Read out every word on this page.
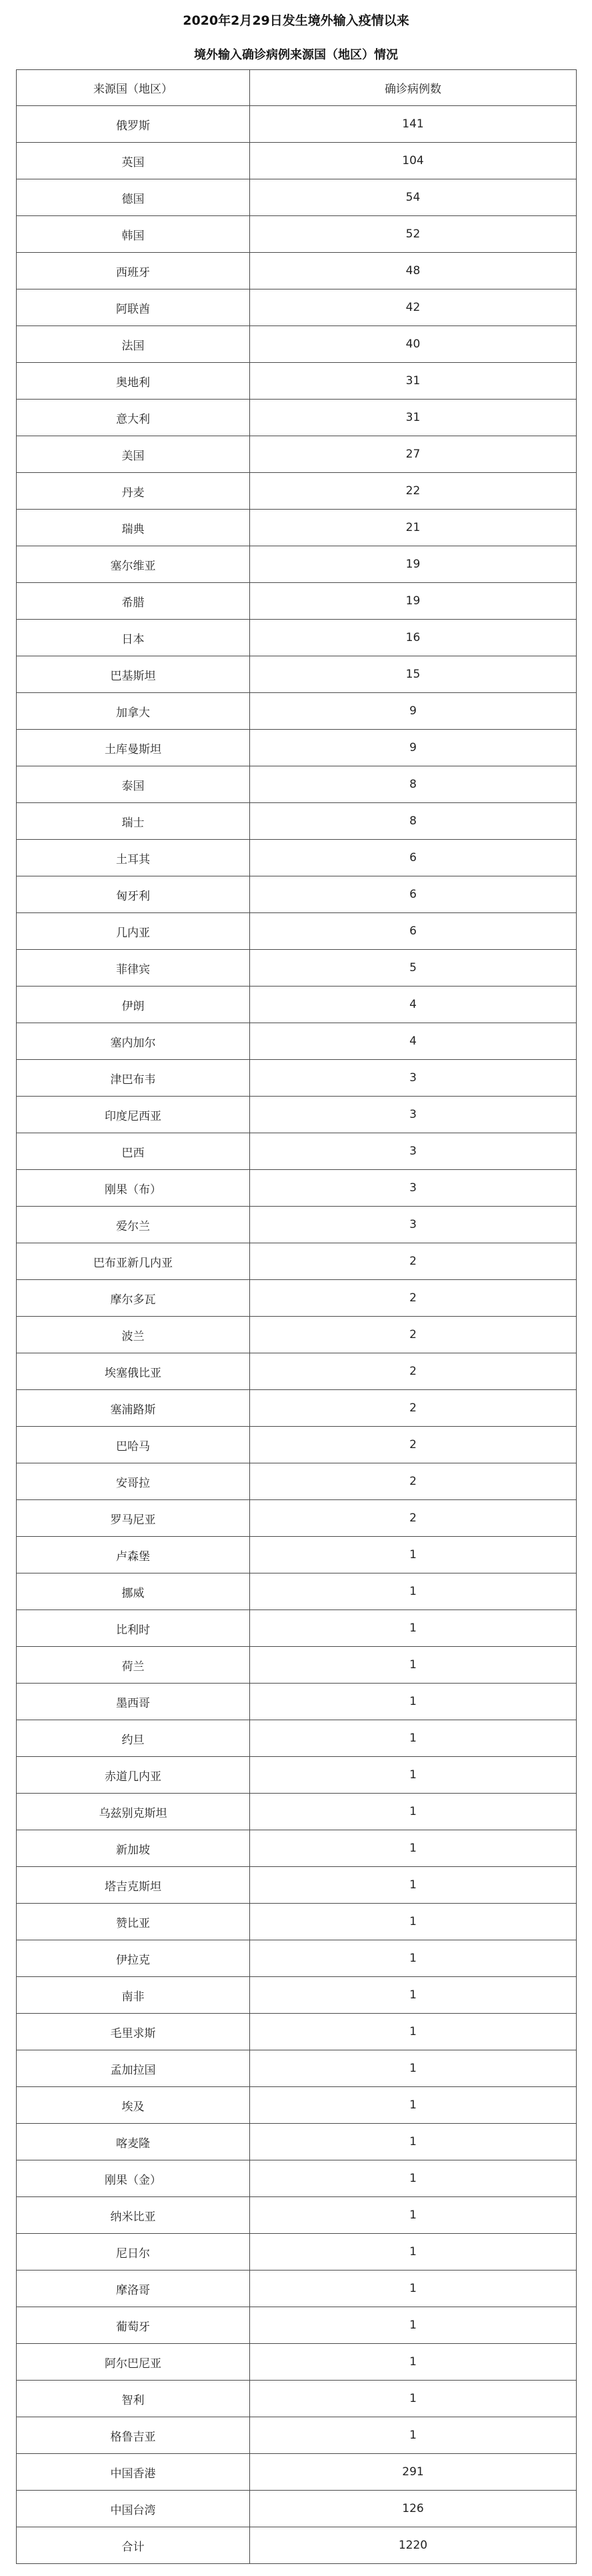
2020年2月29日发生境外输入疫情以来
境外输入确诊病例来源国（地区）情况
来源国（地区）	确诊病例数
俄罗斯	141
英国	104
德国	54
韩国	52
西班牙	48
阿联酋	42
法国	40
奥地利	31
意大利	31
美国	27
丹麦	22
瑞典	21
塞尔维亚	19
希腊	19
日本	16
巴基斯坦	15
加拿大	9
土库曼斯坦	9
泰国	8
瑞士	8
土耳其	6
匈牙利	6
几内亚	6
菲律宾	5
伊朗	4
塞内加尔	4
津巴布韦	3
印度尼西亚	3
巴西	3
刚果（布）	3
爱尔兰	3
巴布亚新几内亚	2
摩尔多瓦	2
波兰	2
埃塞俄比亚	2
塞浦路斯	2
巴哈马	2
安哥拉	2
罗马尼亚	2
卢森堡	1
挪威	1
比利时	1
荷兰	1
墨西哥	1
约旦	1
赤道几内亚	1
乌兹别克斯坦	1
新加坡	1
塔吉克斯坦	1
赞比亚	1
伊拉克	1
南非	1
毛里求斯	1
孟加拉国	1
埃及	1
喀麦隆	1
刚果（金）	1
纳米比亚	1
尼日尔	1
摩洛哥	1
葡萄牙	1
阿尔巴尼亚	1
智利	1
格鲁吉亚	1
中国香港	291
中国台湾	126
合计	1220
